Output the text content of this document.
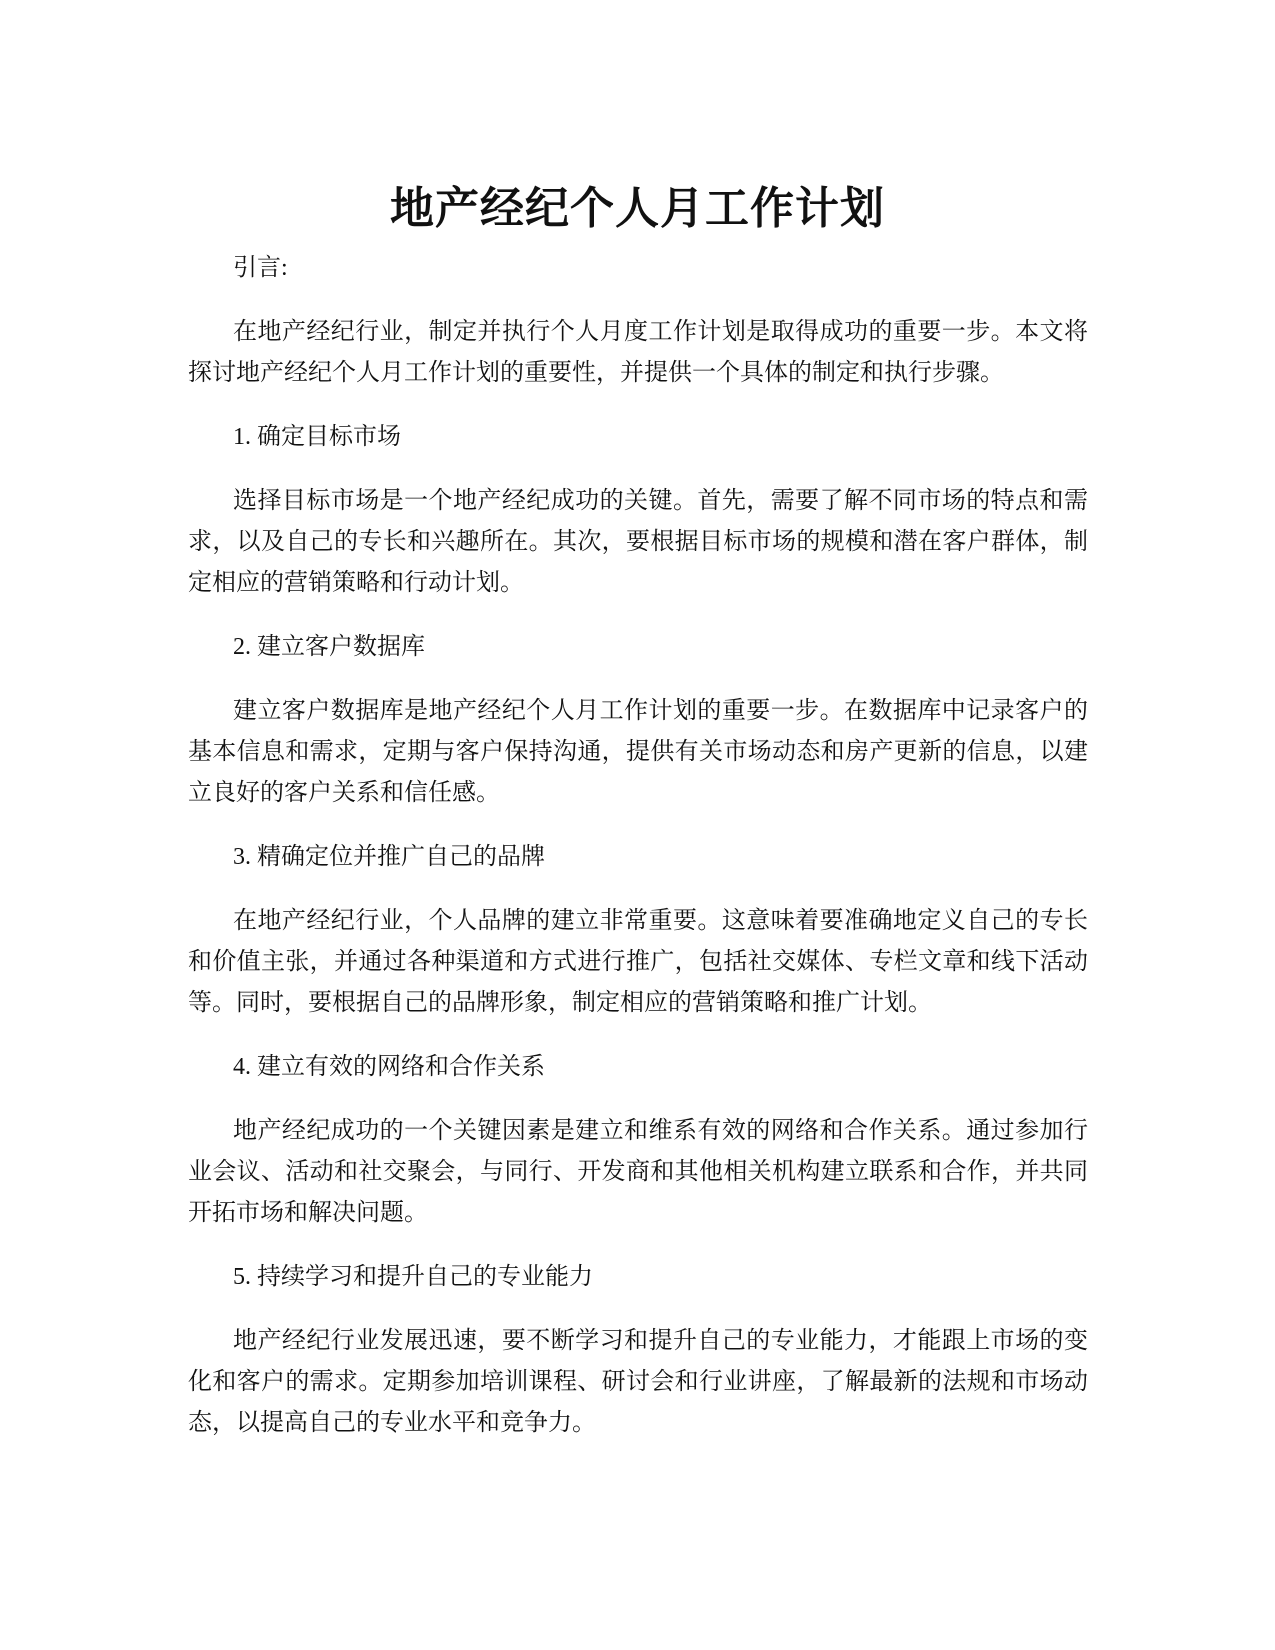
地产经纪个人月工作计划

引言:

在地产经纪行业，制定并执行个人月度工作计划是取得成功的重要一步。本文将探讨地产经纪个人月工作计划的重要性，并提供一个具体的制定和执行步骤。

1. 确定目标市场

选择目标市场是一个地产经纪成功的关键。首先，需要了解不同市场的特点和需求，以及自己的专长和兴趣所在。其次，要根据目标市场的规模和潜在客户群体，制定相应的营销策略和行动计划。

2. 建立客户数据库

建立客户数据库是地产经纪个人月工作计划的重要一步。在数据库中记录客户的基本信息和需求，定期与客户保持沟通，提供有关市场动态和房产更新的信息，以建立良好的客户关系和信任感。

3. 精确定位并推广自己的品牌

在地产经纪行业，个人品牌的建立非常重要。这意味着要准确地定义自己的专长和价值主张，并通过各种渠道和方式进行推广，包括社交媒体、专栏文章和线下活动等。同时，要根据自己的品牌形象，制定相应的营销策略和推广计划。

4. 建立有效的网络和合作关系

地产经纪成功的一个关键因素是建立和维系有效的网络和合作关系。通过参加行业会议、活动和社交聚会，与同行、开发商和其他相关机构建立联系和合作，并共同开拓市场和解决问题。

5. 持续学习和提升自己的专业能力

地产经纪行业发展迅速，要不断学习和提升自己的专业能力，才能跟上市场的变化和客户的需求。定期参加培训课程、研讨会和行业讲座，了解最新的法规和市场动态，以提高自己的专业水平和竞争力。
